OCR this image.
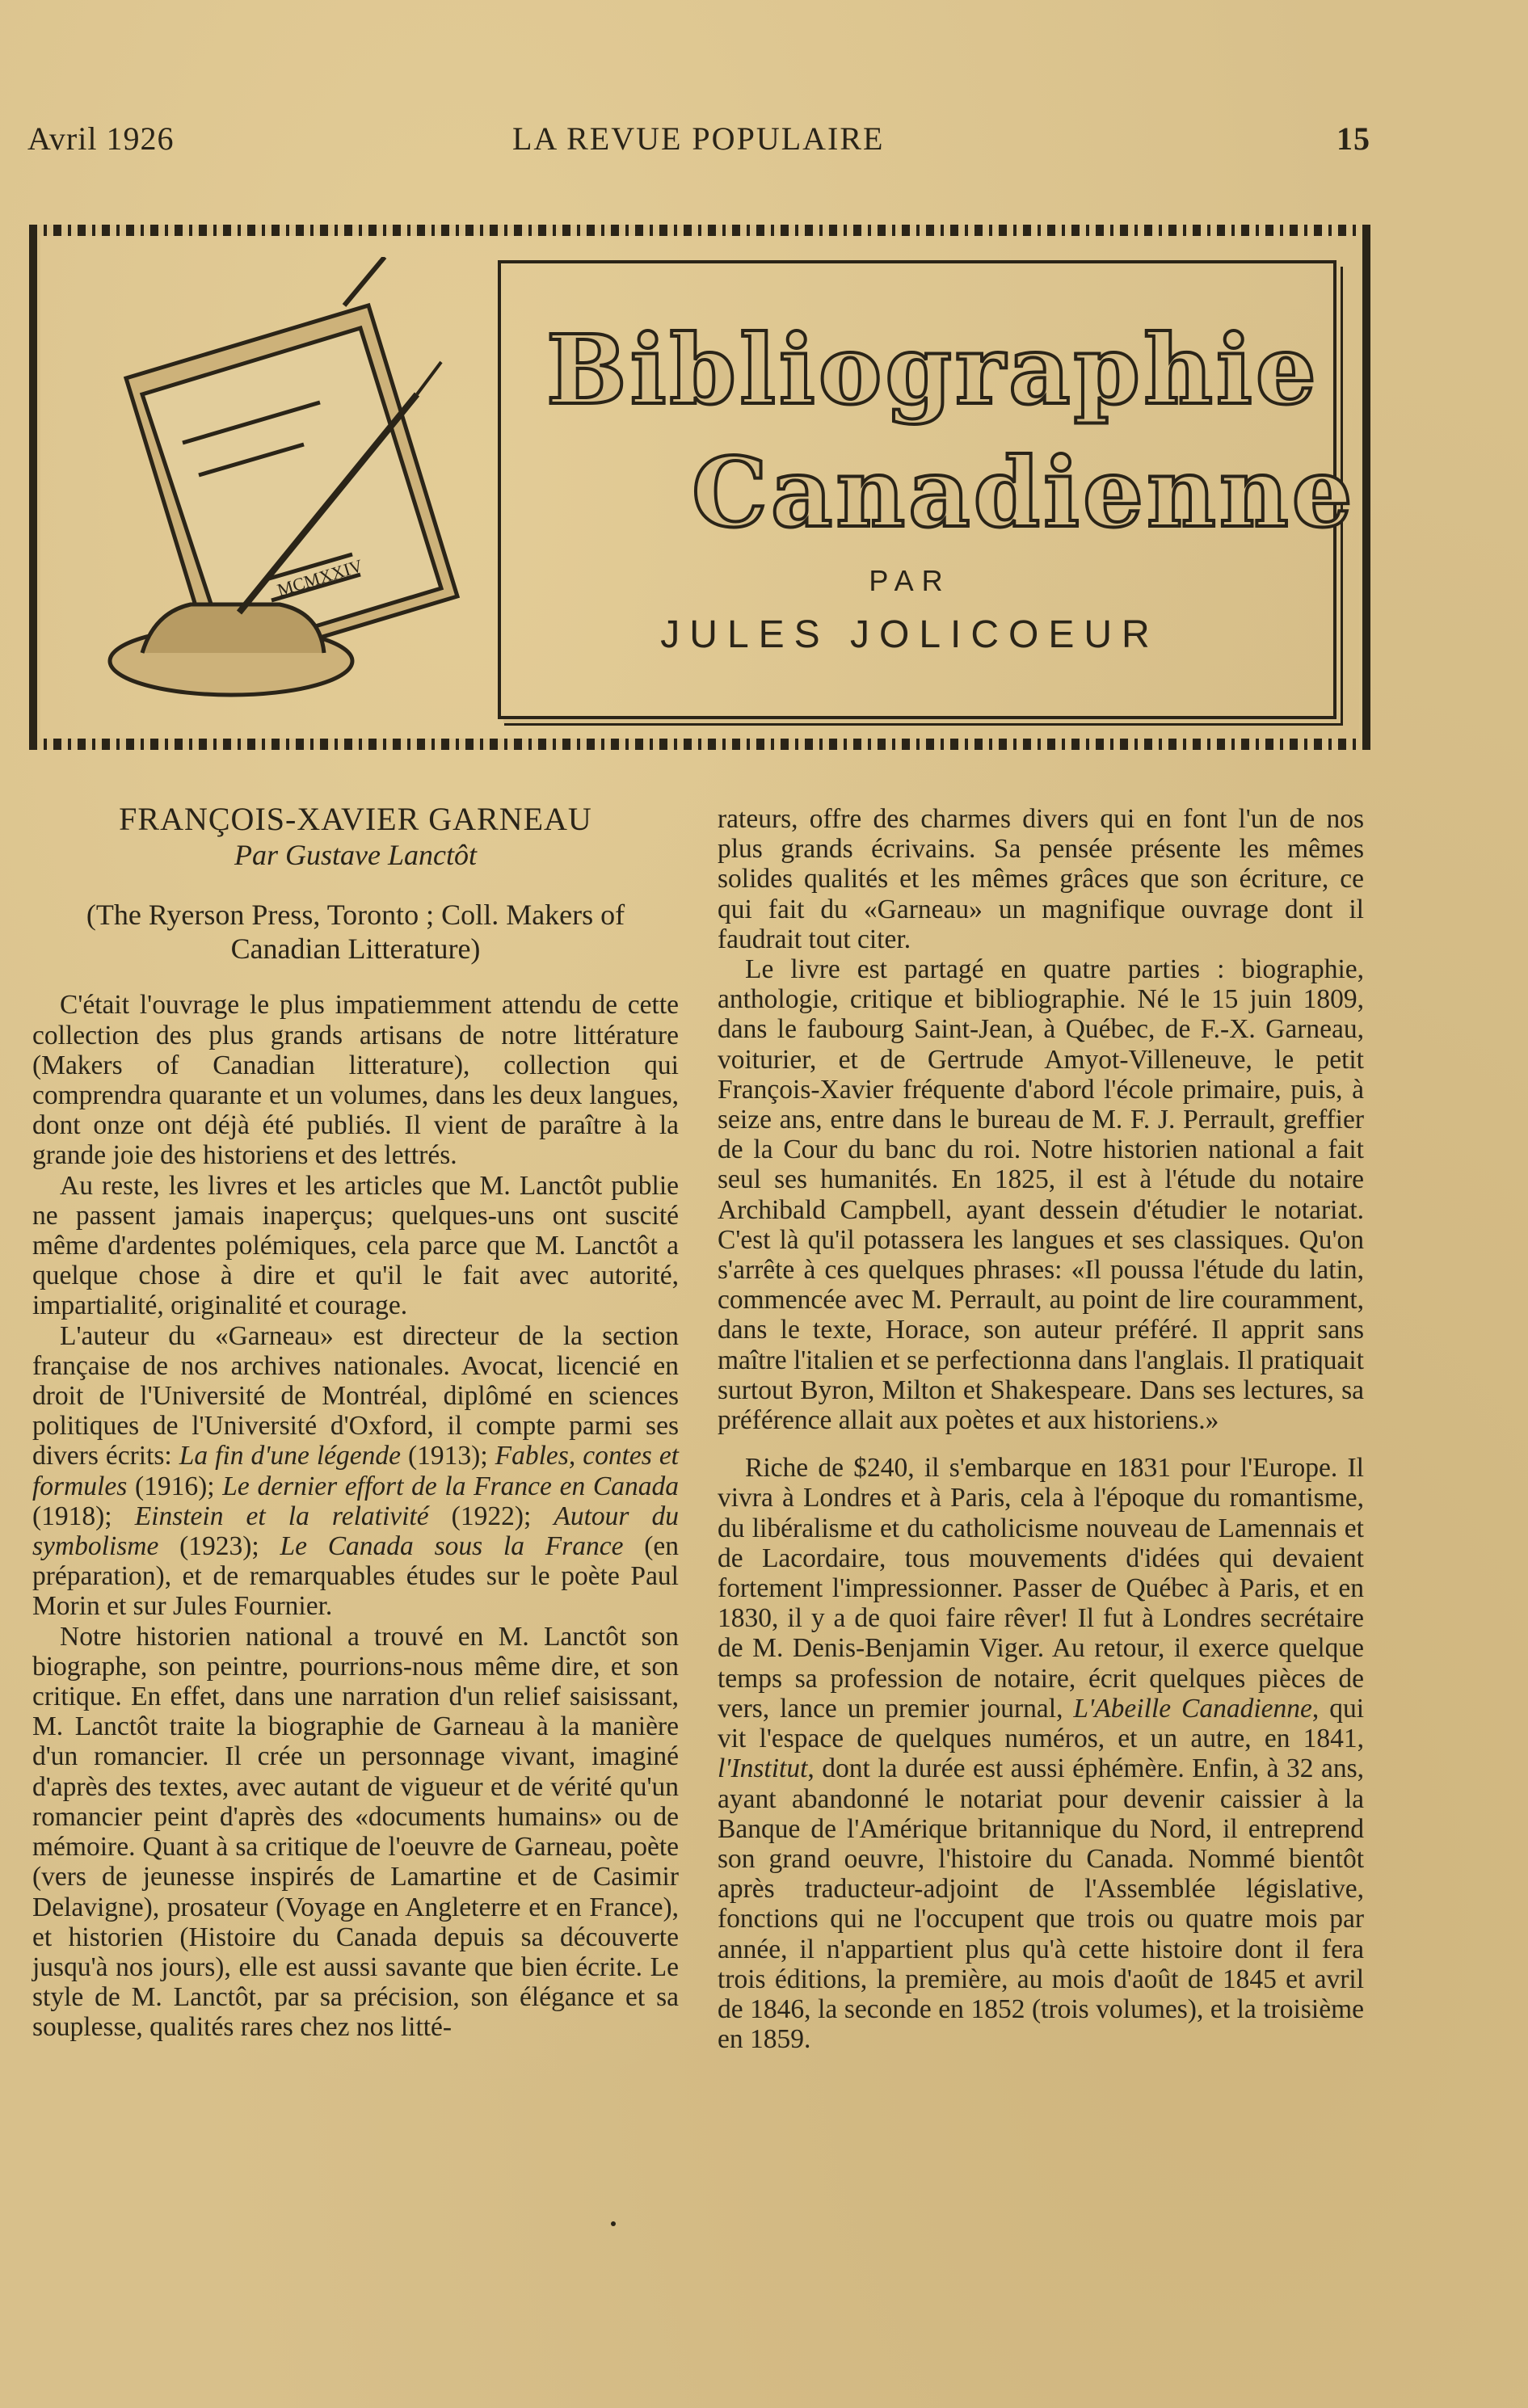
Avril 1926	LA REVUE POPULAIRE	15
MCMXXIV
Bibliographie
Canadienne
PAR
JULES JOLICOEUR
FRANÇOIS-XAVIER GARNEAU
Par Gustave Lanctôt
(The Ryerson Press, Toronto ; Coll. Makers of Canadian Litterature)

C'était l'ouvrage le plus impatiemment attendu de cette collection des plus grands artisans de notre littérature (Makers of Canadian litterature), collection qui comprendra quarante et un volumes, dans les deux langues, dont onze ont déjà été publiés. Il vient de paraître à la grande joie des historiens et des lettrés.

Au reste, les livres et les articles que M. Lanctôt publie ne passent jamais inaperçus; quelques-uns ont suscité même d'ardentes polémiques, cela parce que M. Lanctôt a quelque chose à dire et qu'il le fait avec autorité, impartialité, originalité et courage.

L'auteur du «Garneau» est directeur de la section française de nos archives nationales. Avocat, licencié en droit de l'Université de Montréal, diplômé en sciences politiques de l'Université d'Oxford, il compte parmi ses divers écrits: La fin d'une légende (1913); Fables, contes et formules (1916); Le dernier effort de la France en Canada (1918); Einstein et la relativité (1922); Autour du symbolisme (1923); Le Canada sous la France (en préparation), et de remarquables études sur le poète Paul Morin et sur Jules Fournier.

Notre historien national a trouvé en M. Lanctôt son biographe, son peintre, pourrions-nous même dire, et son critique. En effet, dans une narration d'un relief saisissant, M. Lanctôt traite la biographie de Garneau à la manière d'un romancier. Il crée un personnage vivant, imaginé d'après des textes, avec autant de vigueur et de vérité qu'un romancier peint d'après des «documents humains» ou de mémoire. Quant à sa critique de l'oeuvre de Garneau, poète (vers de jeunesse inspirés de Lamartine et de Casimir Delavigne), prosateur (Voyage en Angleterre et en France), et historien (Histoire du Canada depuis sa découverte jusqu'à nos jours), elle est aussi savante que bien écrite. Le style de M. Lanctôt, par sa précision, son élégance et sa souplesse, qualités rares chez nos litté-

rateurs, offre des charmes divers qui en font l'un de nos plus grands écrivains. Sa pensée présente les mêmes solides qualités et les mêmes grâces que son écriture, ce qui fait du «Garneau» un magnifique ouvrage dont il faudrait tout citer.

Le livre est partagé en quatre parties : biographie, anthologie, critique et bibliographie. Né le 15 juin 1809, dans le faubourg Saint-Jean, à Québec, de F.-X. Garneau, voiturier, et de Gertrude Amyot-Villeneuve, le petit François-Xavier fréquente d'abord l'école primaire, puis, à seize ans, entre dans le bureau de M. F. J. Perrault, greffier de la Cour du banc du roi. Notre historien national a fait seul ses humanités. En 1825, il est à l'étude du notaire Archibald Campbell, ayant dessein d'étudier le notariat. C'est là qu'il potassera les langues et ses classiques. Qu'on s'arrête à ces quelques phrases: «Il poussa l'étude du latin, commencée avec M. Perrault, au point de lire couramment, dans le texte, Horace, son auteur préféré. Il apprit sans maître l'italien et se perfectionna dans l'anglais. Il pratiquait surtout Byron, Milton et Shakespeare. Dans ses lectures, sa préférence allait aux poètes et aux historiens.»

Riche de $240, il s'embarque en 1831 pour l'Europe. Il vivra à Londres et à Paris, cela à l'époque du romantisme, du libéralisme et du catholicisme nouveau de Lamennais et de Lacordaire, tous mouvements d'idées qui devaient fortement l'impressionner. Passer de Québec à Paris, et en 1830, il y a de quoi faire rêver! Il fut à Londres secrétaire de M. Denis-Benjamin Viger. Au retour, il exerce quelque temps sa profession de notaire, écrit quelques pièces de vers, lance un premier journal, L'Abeille Canadienne, qui vit l'espace de quelques numéros, et un autre, en 1841, l'Institut, dont la durée est aussi éphémère. Enfin, à 32 ans, ayant abandonné le notariat pour devenir caissier à la Banque de l'Amérique britannique du Nord, il entreprend son grand oeuvre, l'histoire du Canada. Nommé bientôt après traducteur-adjoint de l'Assemblée législative, fonctions qui ne l'occupent que trois ou quatre mois par année, il n'appartient plus qu'à cette histoire dont il fera trois éditions, la première, au mois d'août de 1845 et avril de 1846, la seconde en 1852 (trois volumes), et la troisième en 1859.
